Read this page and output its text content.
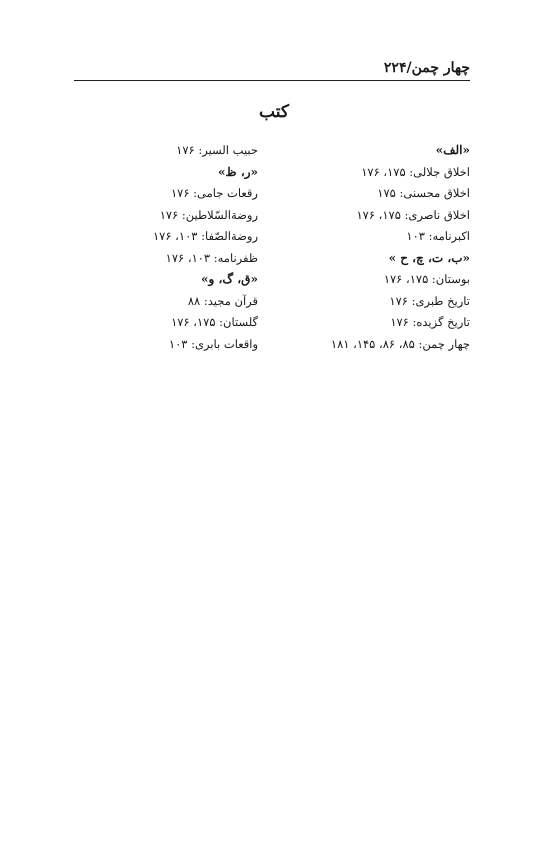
چهار چمن/۲۲۴
کتب
«الف»
اخلاق جلالی: ۱۷۵، ۱۷۶
اخلاق محسنی: ۱۷۵
اخلاق ناصری: ۱۷۵، ۱۷۶
اکبرنامه: ۱۰۳
«ب، ت، چ، ح »
بوستان: ۱۷۵، ۱۷۶
تاریخ طبری: ۱۷۶
تاریخ گزیده: ۱۷۶
چهار چمن: ۸۵، ۸۶، ۱۴۵، ۱۸۱
حبیب السیر: ۱۷۶
«ر، ظ»
رقعات جامی: ۱۷۶
روضة‌السّلاطین: ۱۷۶
روضة‌الصّفا: ۱۰۳، ۱۷۶
ظفرنامه: ۱۰۳، ۱۷۶
«ق، گ، و»
قرآن مجید: ۸۸
گلستان: ۱۷۵، ۱۷۶
واقعات بابری: ۱۰۳
